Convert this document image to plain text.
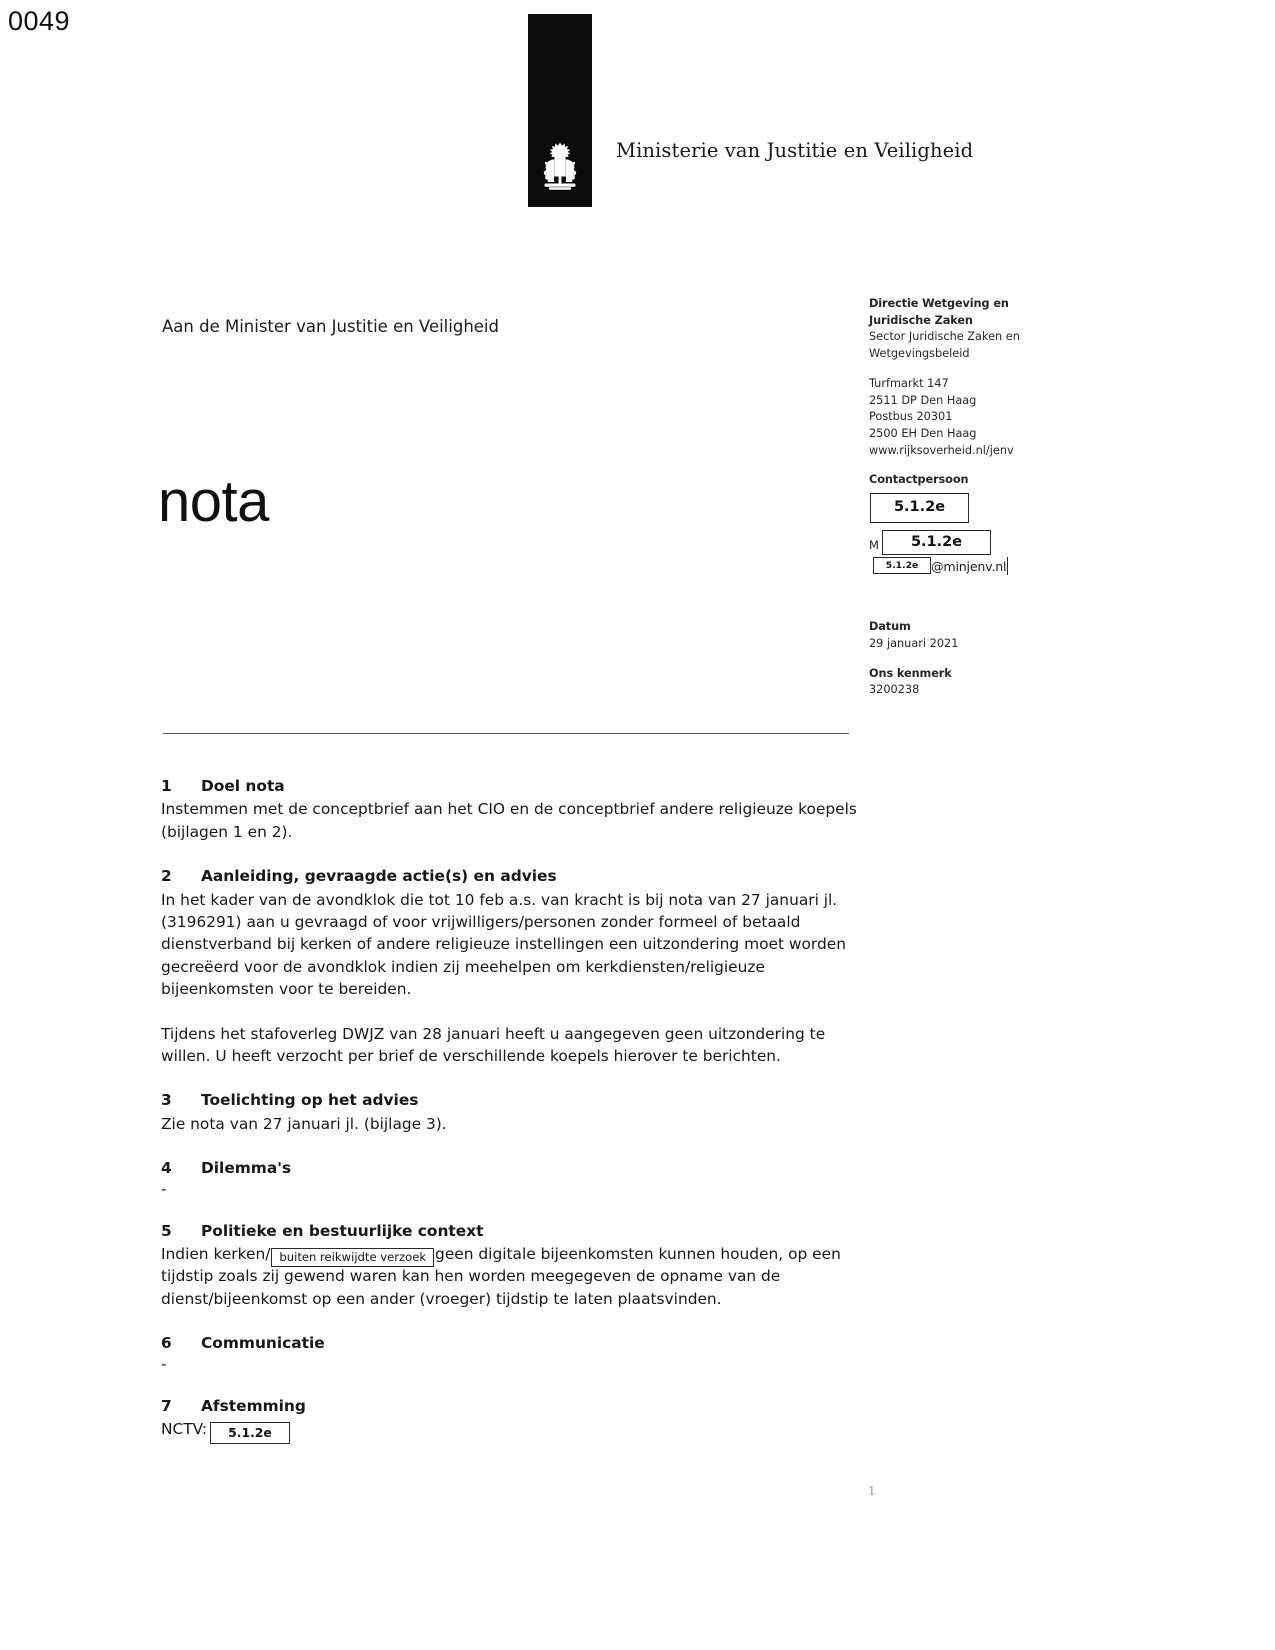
0049
Ministerie van Justitie en Veiligheid
Aan de Minister van Justitie en Veiligheid
nota
Directie Wetgeving en
Juridische Zaken
Sector Juridische Zaken en
Wetgevingsbeleid
Turfmarkt 147
2511 DP Den Haag
Postbus 20301
2500 EH Den Haag
www.rijksoverheid.nl/jenv
Contactpersoon
5.1.2e
M	5.1.2e
5.1.2e	@minjenv.nl
Datum
29 januari 2021
Ons kenmerk
3200238
1 Doel nota
Instemmen met de conceptbrief aan het CIO en de conceptbrief andere religieuze koepels (bijlagen 1 en 2).
2 Aanleiding, gevraagde actie(s) en advies
In het kader van de avondklok die tot 10 feb a.s. van kracht is bij nota van 27 januari jl. (3196291) aan u gevraagd of voor vrijwilligers/personen zonder formeel of betaald dienstverband bij kerken of andere religieuze instellingen een uitzondering moet worden gecreëerd voor de avondklok indien zij meehelpen om kerkdiensten/religieuze bijeenkomsten voor te bereiden.
Tijdens het stafoverleg DWJZ van 28 januari heeft u aangegeven geen uitzondering te willen. U heeft verzocht per brief de verschillende koepels hierover te berichten.
3 Toelichting op het advies
Zie nota van 27 januari jl. (bijlage 3).
4 Dilemma's
-
5 Politieke en bestuurlijke context
Indien kerken/ buiten reikwijdte verzoek geen digitale bijeenkomsten kunnen houden, op een tijdstip zoals zij gewend waren kan hen worden meegegeven de opname van de dienst/bijeenkomst op een ander (vroeger) tijdstip te laten plaatsvinden.
6 Communicatie
-
7 Afstemming
NCTV: 5.1.2e
1
